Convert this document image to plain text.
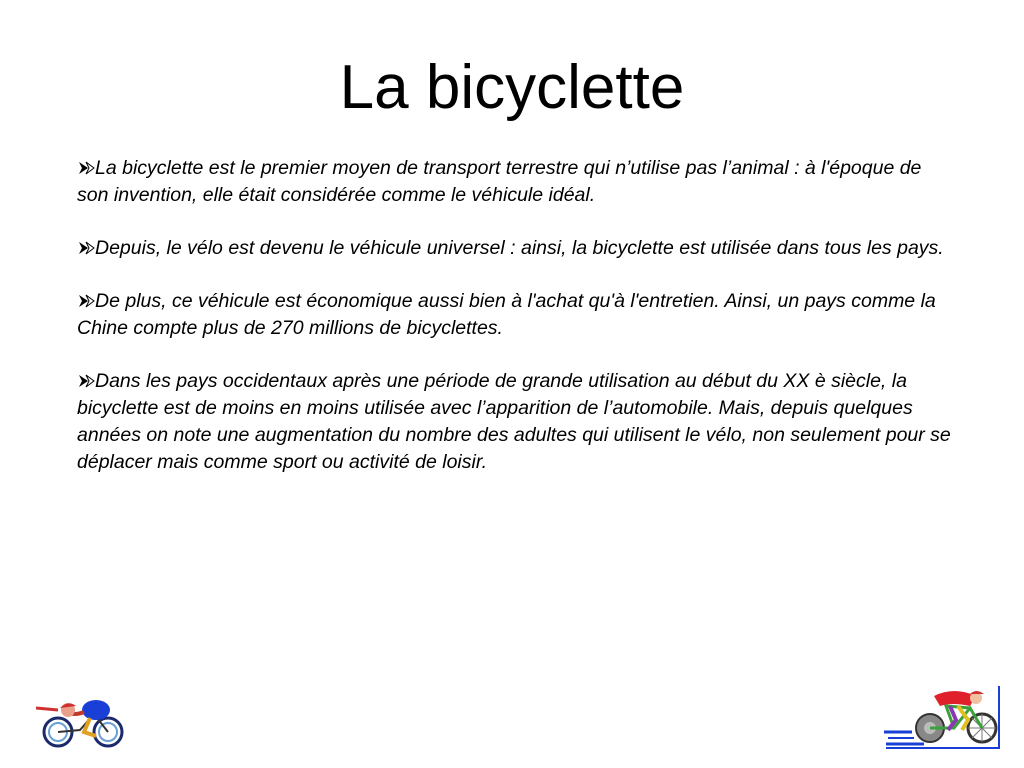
La bicyclette

La bicyclette est le premier moyen de transport terrestre qui n’utilise pas l’animal : à l'époque de son invention, elle était considérée comme le véhicule idéal.

Depuis, le vélo est devenu le véhicule universel : ainsi, la bicyclette est utilisée dans tous les pays.

De plus, ce véhicule est économique aussi bien à l'achat qu'à l'entretien. Ainsi, un pays comme la Chine compte plus de 270 millions de bicyclettes.

Dans les pays occidentaux après une période de grande utilisation au début du XX è siècle, la bicyclette est de moins en moins utilisée avec l’apparition de l’automobile. Mais, depuis quelques années on note une augmentation du nombre des adultes qui utilisent le vélo, non seulement pour se déplacer mais comme sport ou activité de loisir.
